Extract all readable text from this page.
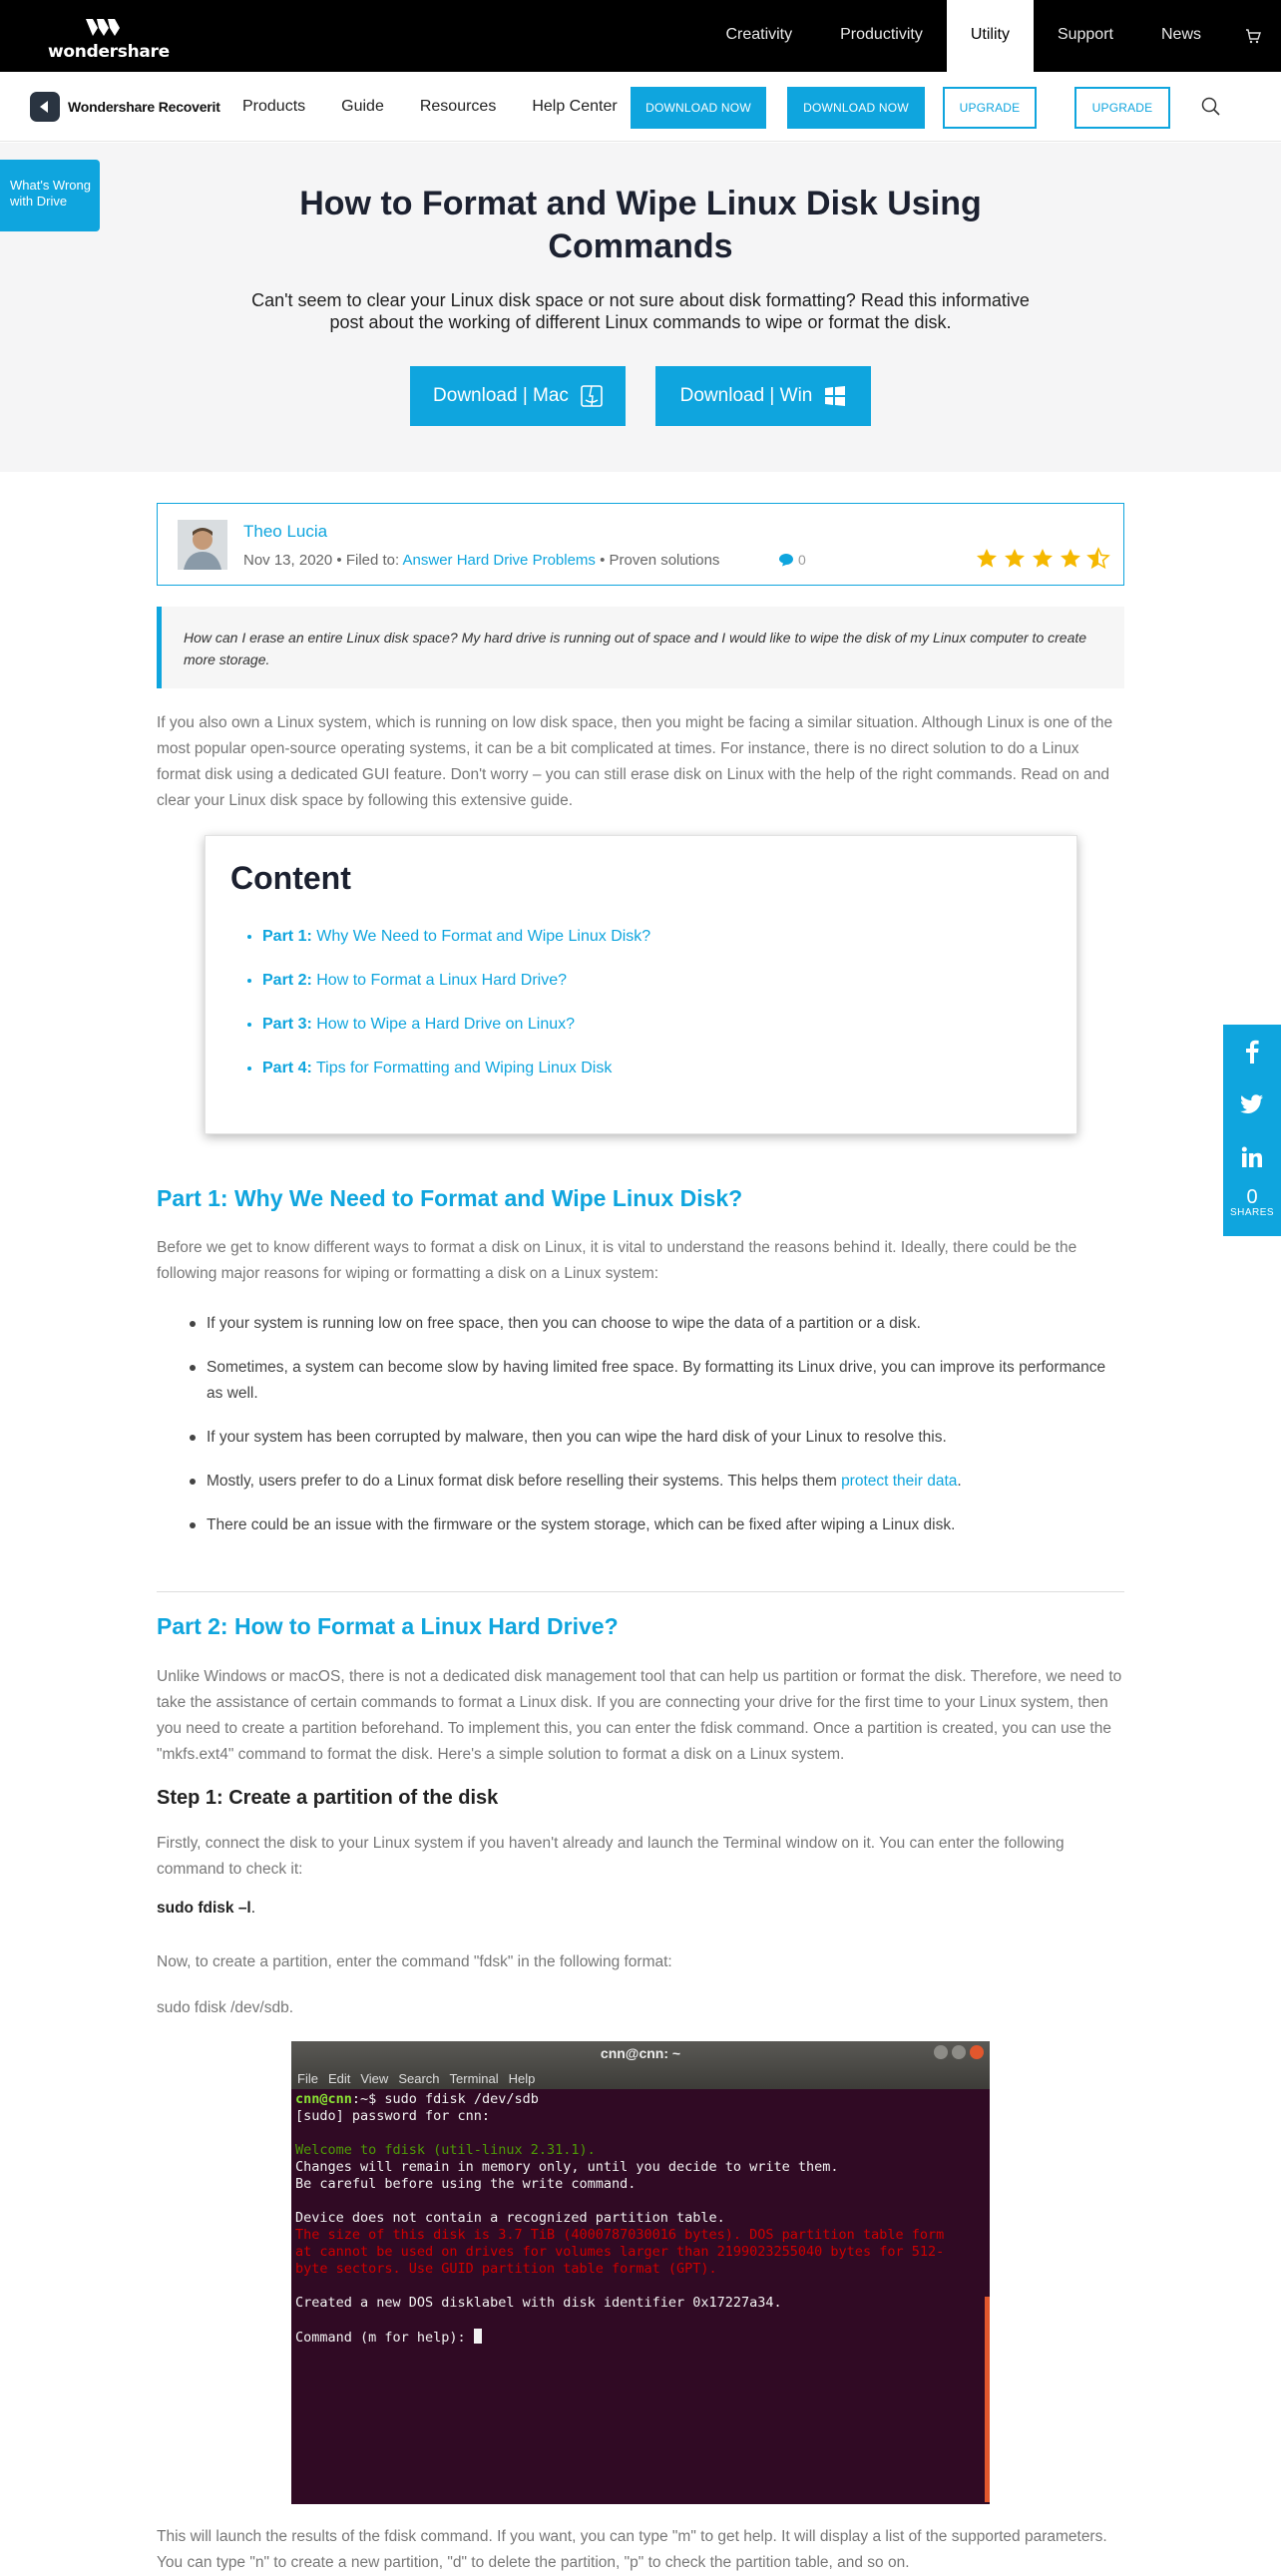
wondershare
Creativity	Productivity	Utility	Support	News
Wondershare Recoverit Products Guide Resources Help Center	DOWNLOAD NOW	DOWNLOAD NOW	UPGRADE	UPGRADE
How to Format and Wipe Linux Disk Using
Commands
Can't seem to clear your Linux disk space or not sure about disk formatting? Read this informative
post about the working of different Linux commands to wipe or format the disk.
Download | Mac	Download | Win
What's Wrong
with Drive
Theo Lucia
Nov 13, 2020 • Filed to: Answer Hard Drive Problems • Proven solutions	0
How can I erase an entire Linux disk space? My hard drive is running out of space and I would like to wipe the disk of my Linux computer to create more storage.
If you also own a Linux system, which is running on low disk space, then you might be facing a similar situation. Although Linux is one of the most popular open-source operating systems, it can be a bit complicated at times. For instance, there is no direct solution to do a Linux format disk using a dedicated GUI feature. Don't worry – you can still erase disk on Linux with the help of the right commands. Read on and clear your Linux disk space by following this extensive guide.
Content
• Part 1: Why We Need to Format and Wipe Linux Disk?
• Part 2: How to Format a Linux Hard Drive?
• Part 3: How to Wipe a Hard Drive on Linux?
• Part 4: Tips for Formatting and Wiping Linux Disk
0
SHARES
Part 1: Why We Need to Format and Wipe Linux Disk?
Before we get to know different ways to format a disk on Linux, it is vital to understand the reasons behind it. Ideally, there could be the following major reasons for wiping or formatting a disk on a Linux system:
If your system is running low on free space, then you can choose to wipe the data of a partition or a disk.
Sometimes, a system can become slow by having limited free space. By formatting its Linux drive, you can improve its performance as well.
If your system has been corrupted by malware, then you can wipe the hard disk of your Linux to resolve this.
Mostly, users prefer to do a Linux format disk before reselling their systems. This helps them protect their data.
There could be an issue with the firmware or the system storage, which can be fixed after wiping a Linux disk.
Part 2: How to Format a Linux Hard Drive?
Unlike Windows or macOS, there is not a dedicated disk management tool that can help us partition or format the disk. Therefore, we need to take the assistance of certain commands to format a Linux disk. If you are connecting your drive for the first time to your Linux system, then you need to create a partition beforehand. To implement this, you can enter the fdisk command. Once a partition is created, you can use the "mkfs.ext4" command to format the disk. Here's a simple solution to format a disk on a Linux system.
Step 1: Create a partition of the disk
Firstly, connect the disk to your Linux system if you haven't already and launch the Terminal window on it. You can enter the following command to check it:
sudo fdisk –l.
Now, to create a partition, enter the command "fdsk" in the following format:
sudo fdisk /dev/sdb.
cnn@cnn: ~
File Edit View Search Terminal Help
cnn@cnn:~$ sudo fdisk /dev/sdb
[sudo] password for cnn:

Welcome to fdisk (util-linux 2.31.1).
Changes will remain in memory only, until you decide to write them.
Be careful before using the write command.

Device does not contain a recognized partition table.
The size of this disk is 3.7 TiB (4000787030016 bytes). DOS partition table form
at cannot be used on drives for volumes larger than 2199023255040 bytes for 512-
byte sectors. Use GUID partition table format (GPT).

Created a new DOS disklabel with disk identifier 0x17227a34.

Command (m for help):
This will launch the results of the fdisk command. If you want, you can type "m" to get help. It will display a list of the supported parameters. You can type "n" to create a new partition, "d" to delete the partition, "p" to check the partition table, and so on.
